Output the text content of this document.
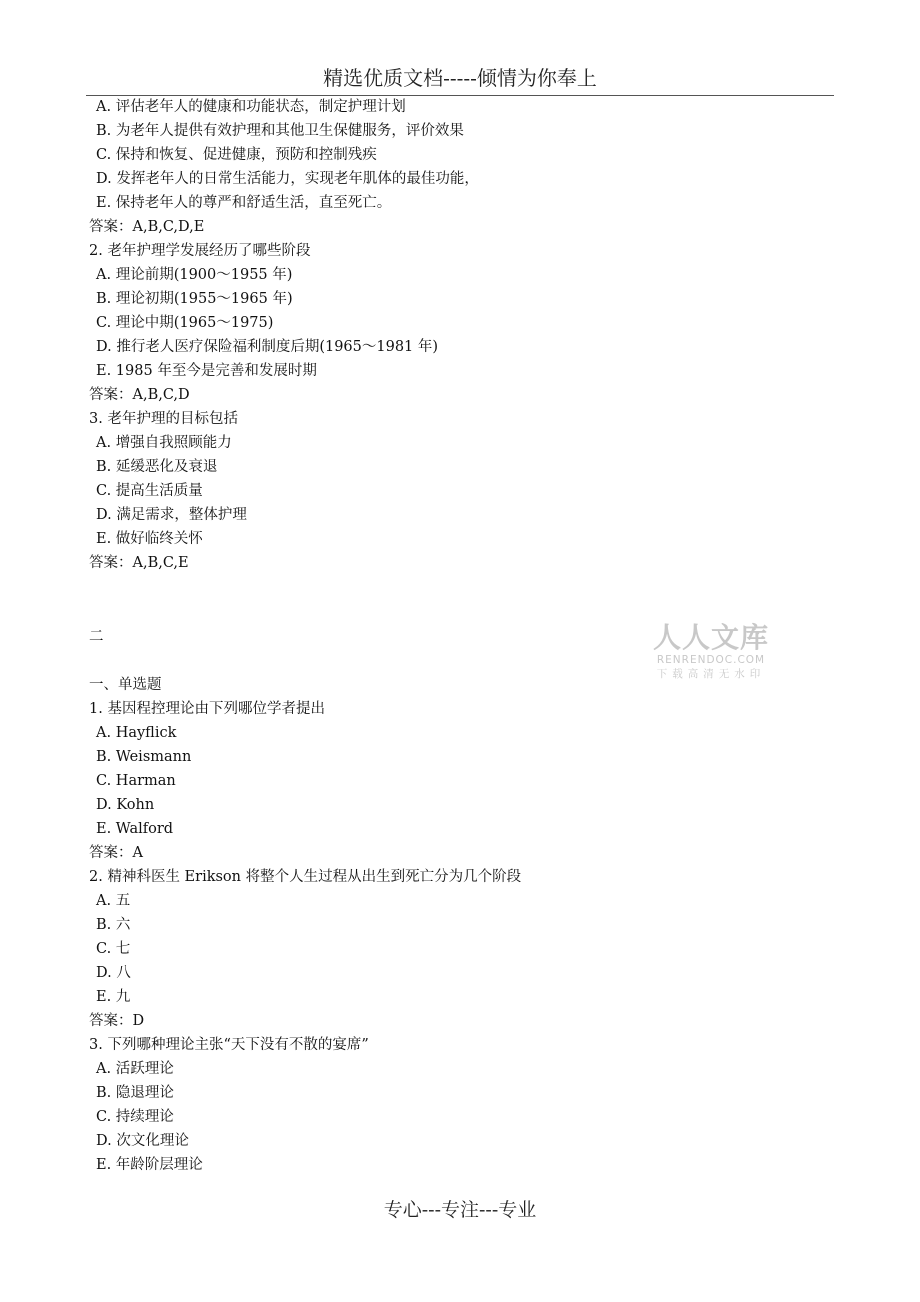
精选优质文档-----倾情为你奉上
A. 评估老年人的健康和功能状态，制定护理计划
B. 为老年人提供有效护理和其他卫生保健服务，评价效果
C. 保持和恢复、促进健康，预防和控制残疾
D. 发挥老年人的日常生活能力，实现老年肌体的最佳功能，
E. 保持老年人的尊严和舒适生活，直至死亡。
答案：A,B,C,D,E
2. 老年护理学发展经历了哪些阶段
A. 理论前期(1900～1955 年)
B. 理论初期(1955～1965 年)
C. 理论中期(1965～1975)
D. 推行老人医疗保险福利制度后期(1965～1981 年)
E. 1985 年至今是完善和发展时期
答案：A,B,C,D
3. 老年护理的目标包括
A. 增强自我照顾能力
B. 延缓恶化及衰退
C. 提高生活质量
D. 满足需求，整体护理
E. 做好临终关怀
答案：A,B,C,E
二	人人文库
RENRENDOC.COM
下载高清无水印
一、单选题
1. 基因程控理论由下列哪位学者提出
A. Hayflick
B. Weismann
C. Harman
D. Kohn
E. Walford
答案：A
2. 精神科医生 Erikson 将整个人生过程从出生到死亡分为几个阶段
A. 五
B. 六
C. 七
D. 八
E. 九
答案：D
3. 下列哪种理论主张“天下没有不散的宴席”
A. 活跃理论
B. 隐退理论
C. 持续理论
D. 次文化理论
E. 年龄阶层理论
专心---专注---专业
